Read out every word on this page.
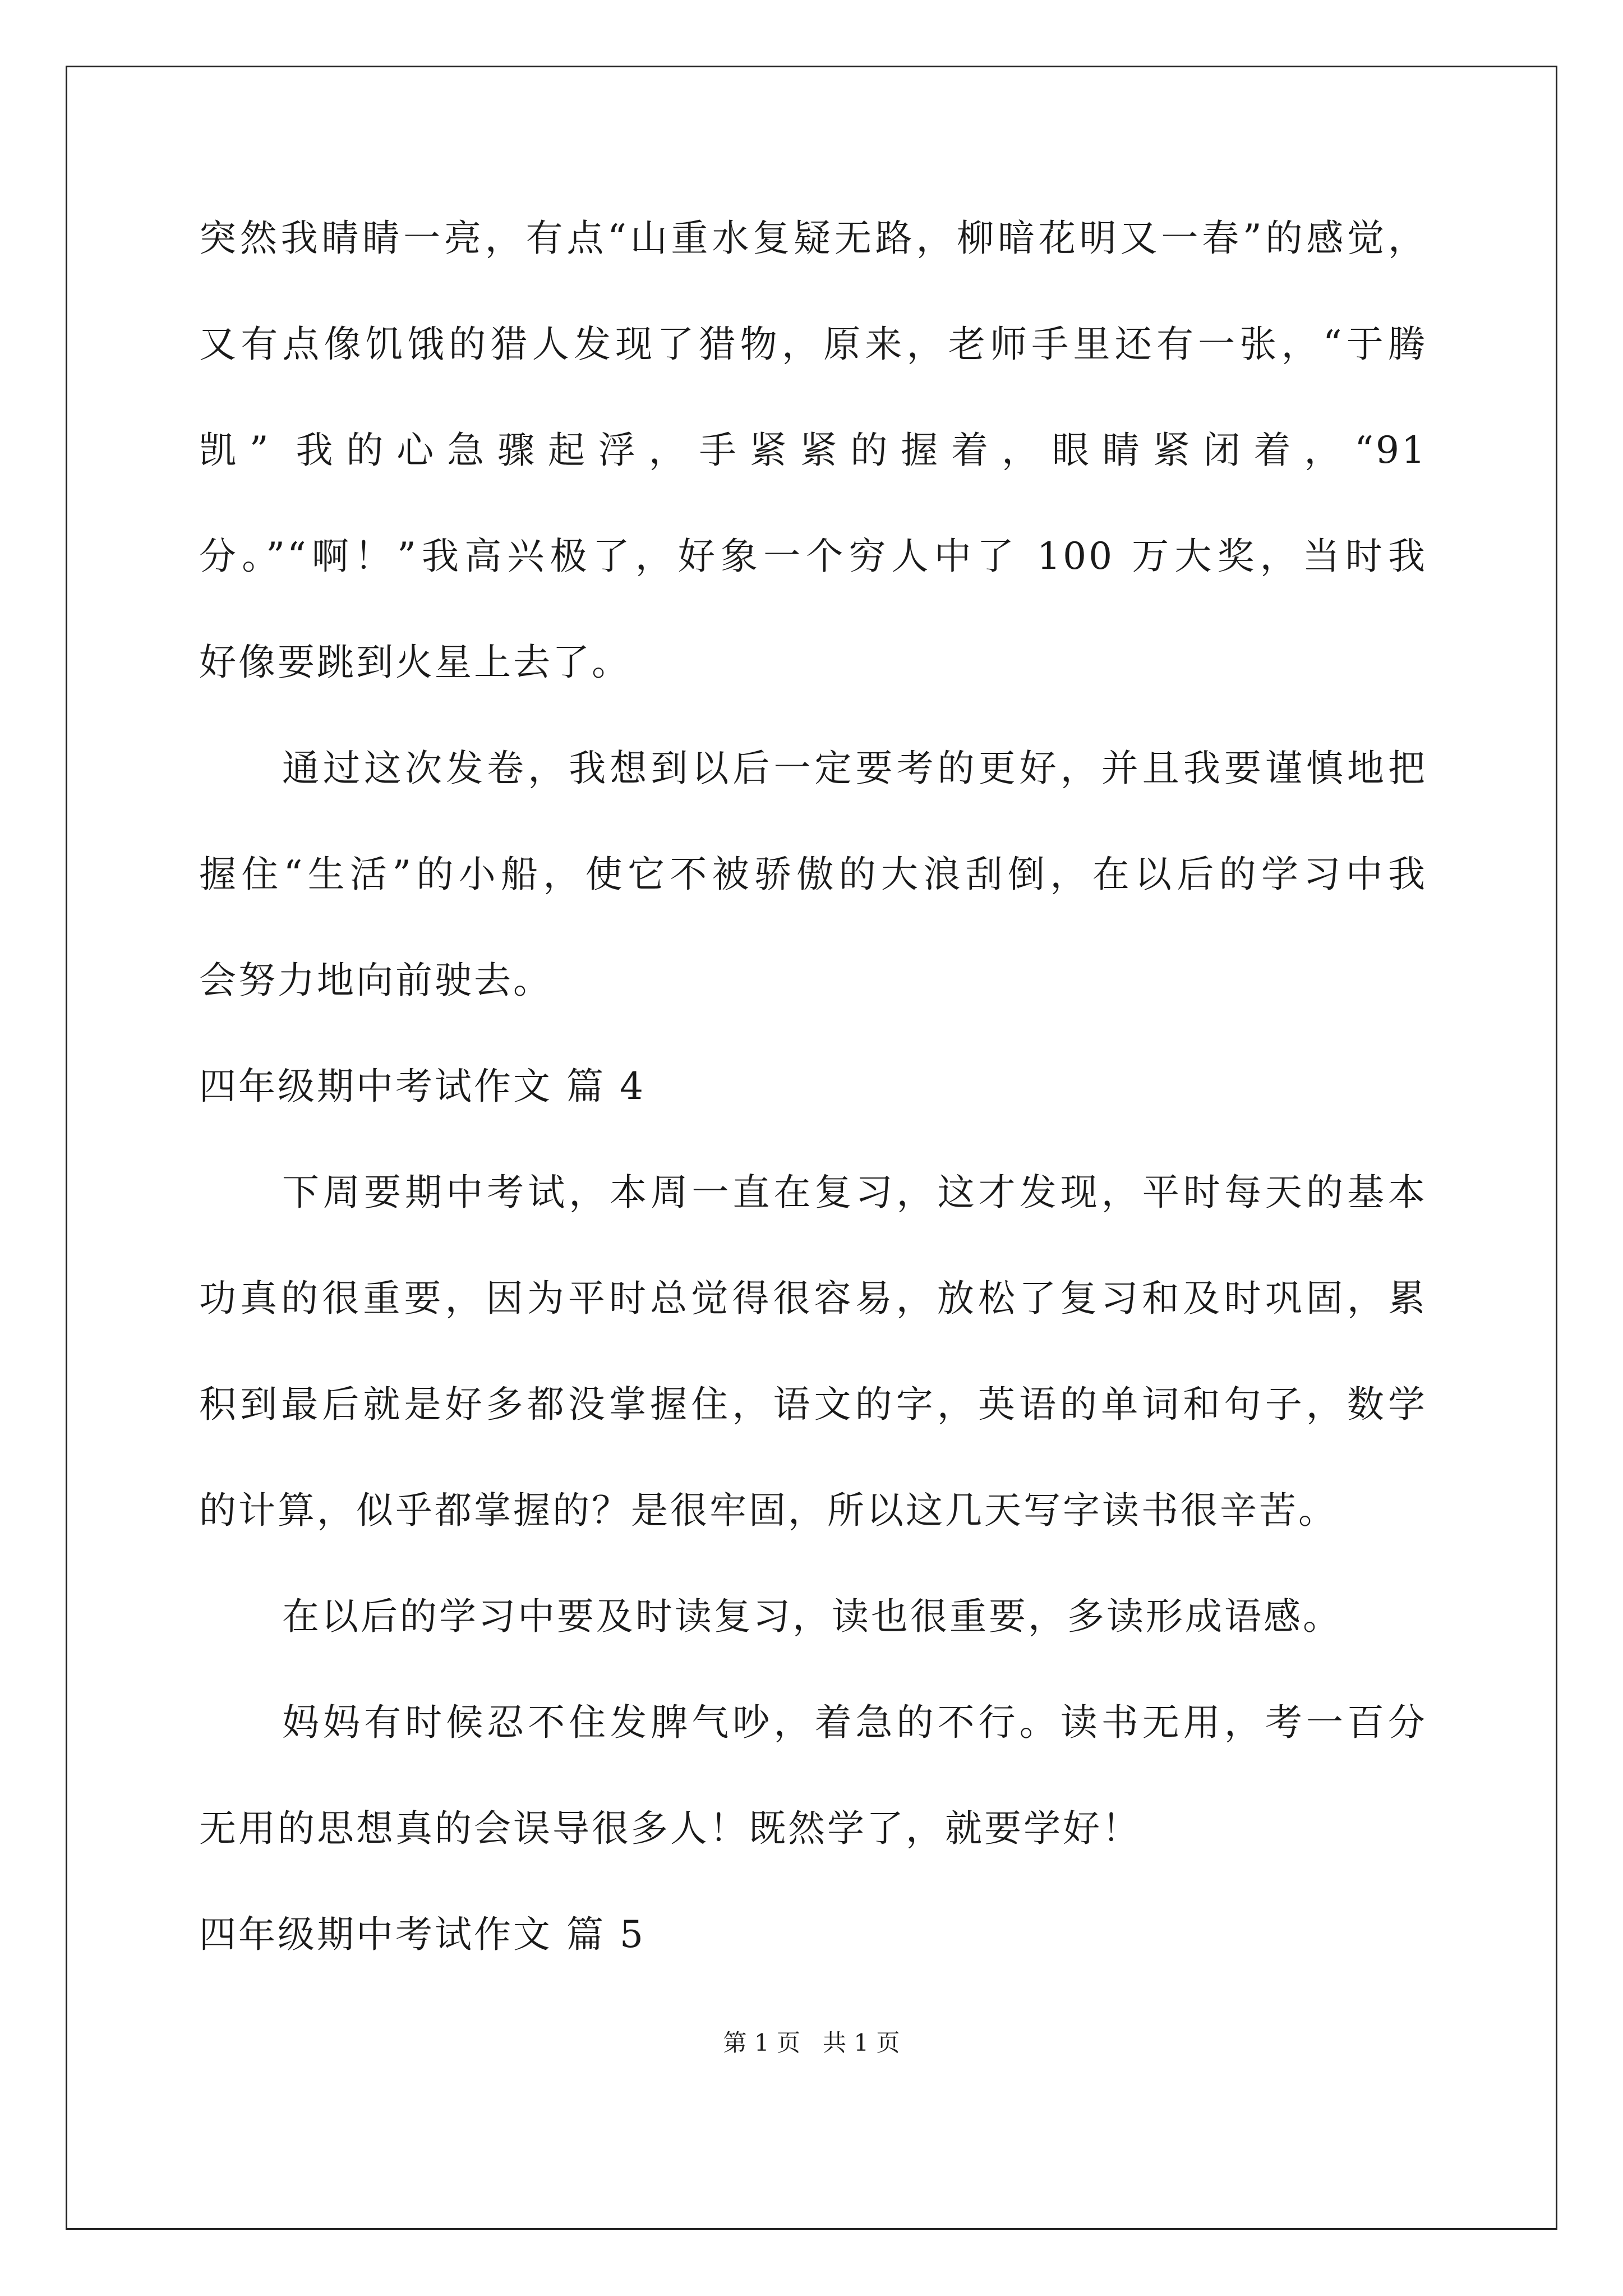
突然我睛睛一亮，有点“山重水复疑无路，柳暗花明又一春”的感觉，
又有点像饥饿的猎人发现了猎物，原来，老师手里还有一张，“于腾
凯” 我的心急骤起浮，手紧紧的握着，眼睛紧闭着，“91
分。”“啊！”我高兴极了，好象一个穷人中了 100 万大奖，当时我
好像要跳到火星上去了。
通过这次发卷，我想到以后一定要考的更好，并且我要谨慎地把
握住“生活”的小船，使它不被骄傲的大浪刮倒，在以后的学习中我
会努力地向前驶去。
四年级期中考试作文 篇 4
下周要期中考试，本周一直在复习，这才发现，平时每天的基本
功真的很重要，因为平时总觉得很容易，放松了复习和及时巩固，累
积到最后就是好多都没掌握住，语文的字，英语的单词和句子，数学
的计算，似乎都掌握的？是很牢固，所以这几天写字读书很辛苦。
在以后的学习中要及时读复习，读也很重要，多读形成语感。
妈妈有时候忍不住发脾气吵，着急的不行。读书无用，考一百分
无用的思想真的会误导很多人！既然学了，就要学好！
四年级期中考试作文 篇 5
第 1 页   共 1 页
